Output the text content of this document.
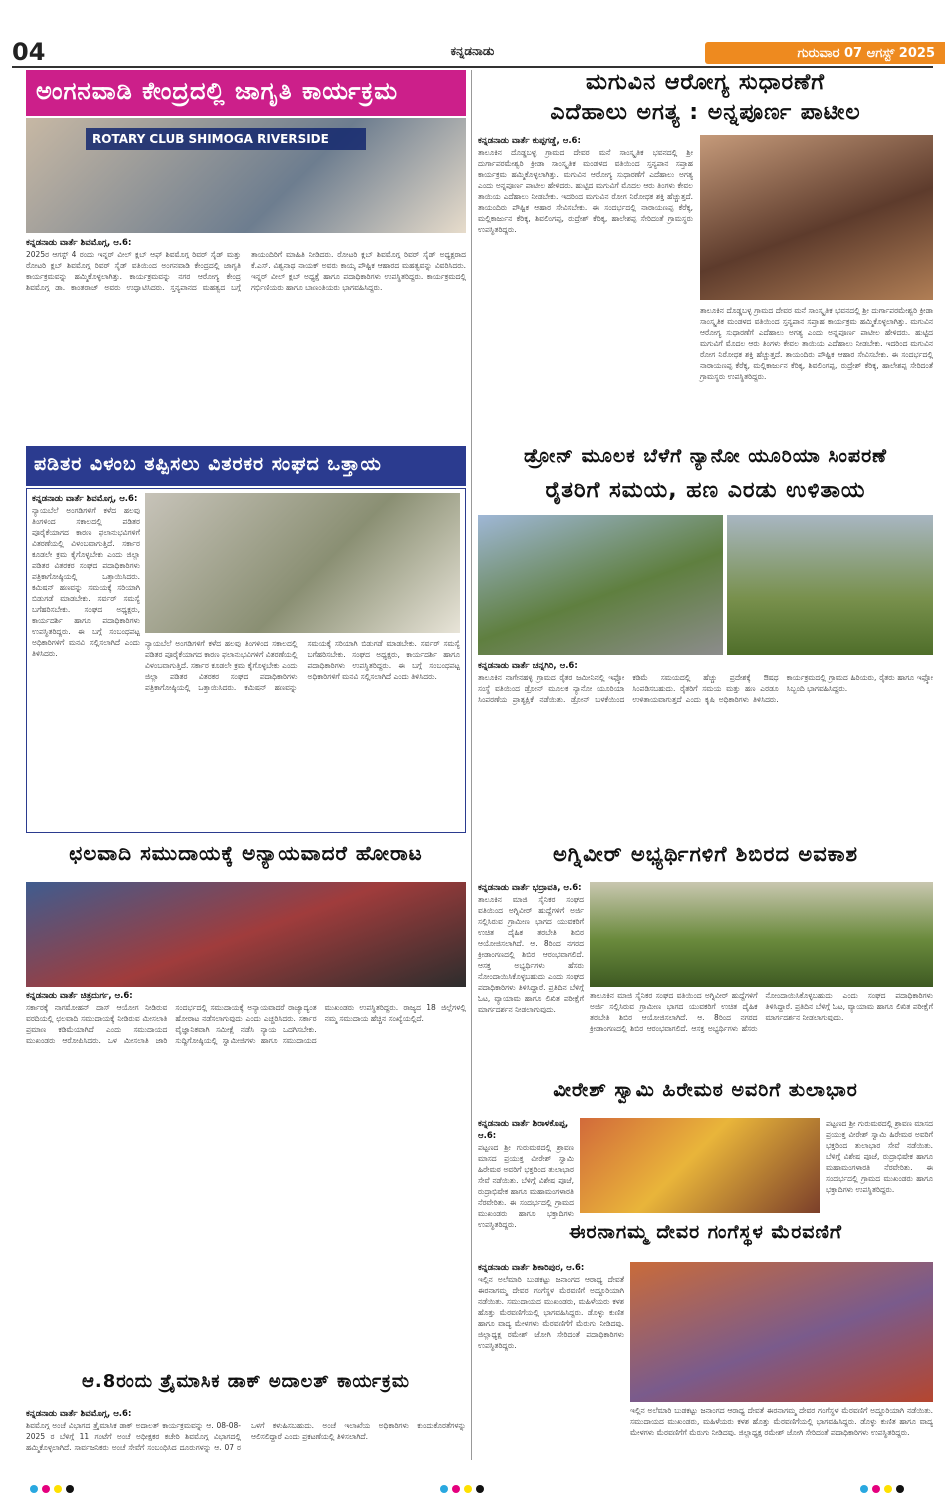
04	ಕನ್ನಡನಾಡು	ಗುರುವಾರ 07 ಆಗಸ್ಟ್ 2025
ಅಂಗನವಾಡಿ ಕೇಂದ್ರದಲ್ಲಿ ಜಾಗೃತಿ ಕಾರ್ಯಕ್ರಮ
ROTARY CLUB SHIMOGA RIVERSIDE
ಕನ್ನಡನಾಡು ವಾರ್ತೆ ಶಿವಮೊಗ್ಗ, ಆ.6:
2025ರ ಆಗಸ್ಟ್ 4 ರಂದು ಇನ್ನರ್ ವೀಲ್ ಕ್ಲಬ್ ಆಫ್ ಶಿವಮೊಗ್ಗ ರಿವರ್ ಸೈಡ್ ಮತ್ತು ರೋಟರಿ ಕ್ಲಬ್ ಶಿವಮೊಗ್ಗ ರಿವರ್ ಸೈಡ್ ವತಿಯಿಂದ ಅಂಗನವಾಡಿ ಕೇಂದ್ರದಲ್ಲಿ ಜಾಗೃತಿ ಕಾರ್ಯಕ್ರಮವನ್ನು ಹಮ್ಮಿಕೊಳ್ಳಲಾಗಿತ್ತು. ಕಾರ್ಯಕ್ರಮವನ್ನು ನಗರ ಆರೋಗ್ಯ ಕೇಂದ್ರ ಶಿವಮೊಗ್ಗ ಡಾ. ಕಾಂತರಾಜ್ ಅವರು ಉದ್ಘಾಟಿಸಿದರು. ಸ್ತನ್ಯಪಾನದ ಮಹತ್ವದ ಬಗ್ಗೆ ತಾಯಂದಿರಿಗೆ ಮಾಹಿತಿ ನೀಡಿದರು. ರೋಟರಿ ಕ್ಲಬ್ ಶಿವಮೊಗ್ಗ ರಿವರ್ ಸೈಡ್ ಅಧ್ಯಕ್ಷರಾದ ಕೆ.ಎಸ್. ವಿಶ್ವನಾಥ ನಾಯಕ್ ಅವರು ಕಾಯ್ಕ ಪೌಷ್ಟಿಕ ಆಹಾರದ ಮಹತ್ವವನ್ನು ವಿವರಿಸಿದರು. ಇನ್ನರ್ ವೀಲ್ ಕ್ಲಬ್ ಅಧ್ಯಕ್ಷೆ ಹಾಗೂ ಪದಾಧಿಕಾರಿಗಳು ಉಪಸ್ಥಿತರಿದ್ದರು. ಕಾರ್ಯಕ್ರಮದಲ್ಲಿ ಗರ್ಭಿಣಿಯರು ಹಾಗೂ ಬಾಣಂತಿಯರು ಭಾಗವಹಿಸಿದ್ದರು.
ಮಗುವಿನ ಆರೋಗ್ಯ ಸುಧಾರಣೆಗೆ
ಎದೆಹಾಲು ಅಗತ್ಯ : ಅನ್ನಪೂರ್ಣ ಪಾಟೀಲ
ಕನ್ನಡನಾಡು ವಾರ್ತೆ ಕುಪ್ಪಗಡ್ಡೆ, ಆ.6:
ತಾಲೂಕಿನ ದೊಡ್ಡಬಳ್ಳ ಗ್ರಾಮದ ದೇವರ ಮನೆ ಸಾಂಸ್ಕೃತಿಕ ಭವನದಲ್ಲಿ ಶ್ರೀ ದುರ್ಗಾಪರಮೇಶ್ವರಿ ಕ್ರೀಡಾ ಸಾಂಸ್ಕೃತಿಕ ಮಂಡಳದ ವತಿಯಿಂದ ಸ್ತನ್ಯಪಾನ ಸಪ್ತಾಹ ಕಾರ್ಯಕ್ರಮ ಹಮ್ಮಿಕೊಳ್ಳಲಾಗಿತ್ತು. ಮಗುವಿನ ಆರೋಗ್ಯ ಸುಧಾರಣೆಗೆ ಎದೆಹಾಲು ಅಗತ್ಯ ಎಂದು ಅನ್ನಪೂರ್ಣ ಪಾಟೀಲ ಹೇಳಿದರು. ಹುಟ್ಟಿದ ಮಗುವಿಗೆ ಮೊದಲ ಆರು ತಿಂಗಳು ಕೇವಲ ತಾಯಿಯ ಎದೆಹಾಲು ನೀಡಬೇಕು. ಇದರಿಂದ ಮಗುವಿನ ರೋಗ ನಿರೋಧಕ ಶಕ್ತಿ ಹೆಚ್ಚುತ್ತದೆ. ತಾಯಂದಿರು ಪೌಷ್ಟಿಕ ಆಹಾರ ಸೇವಿಸಬೇಕು. ಈ ಸಂದರ್ಭದಲ್ಲಿ ನಾರಾಯಣಪ್ಪ ಕೆರೆಕ್ಕ, ಮಲ್ಲಿಕಾರ್ಜುನ ಕೆರಿಕ್ಕ, ಶಿವಲಿಂಗಪ್ಪ, ರುದ್ರೇಶ್ ಕೆರಿಕ್ಕ, ಹಾಲೇಶಪ್ಪ ಸೇರಿದಂತೆ ಗ್ರಾಮಸ್ಥರು ಉಪಸ್ಥಿತರಿದ್ದರು.
ತಾಲೂಕಿನ ದೊಡ್ಡಬಳ್ಳ ಗ್ರಾಮದ ದೇವರ ಮನೆ ಸಾಂಸ್ಕೃತಿಕ ಭವನದಲ್ಲಿ ಶ್ರೀ ದುರ್ಗಾಪರಮೇಶ್ವರಿ ಕ್ರೀಡಾ ಸಾಂಸ್ಕೃತಿಕ ಮಂಡಳದ ವತಿಯಿಂದ ಸ್ತನ್ಯಪಾನ ಸಪ್ತಾಹ ಕಾರ್ಯಕ್ರಮ ಹಮ್ಮಿಕೊಳ್ಳಲಾಗಿತ್ತು. ಮಗುವಿನ ಆರೋಗ್ಯ ಸುಧಾರಣೆಗೆ ಎದೆಹಾಲು ಅಗತ್ಯ ಎಂದು ಅನ್ನಪೂರ್ಣ ಪಾಟೀಲ ಹೇಳಿದರು. ಹುಟ್ಟಿದ ಮಗುವಿಗೆ ಮೊದಲ ಆರು ತಿಂಗಳು ಕೇವಲ ತಾಯಿಯ ಎದೆಹಾಲು ನೀಡಬೇಕು. ಇದರಿಂದ ಮಗುವಿನ ರೋಗ ನಿರೋಧಕ ಶಕ್ತಿ ಹೆಚ್ಚುತ್ತದೆ. ತಾಯಂದಿರು ಪೌಷ್ಟಿಕ ಆಹಾರ ಸೇವಿಸಬೇಕು. ಈ ಸಂದರ್ಭದಲ್ಲಿ ನಾರಾಯಣಪ್ಪ ಕೆರೆಕ್ಕ, ಮಲ್ಲಿಕಾರ್ಜುನ ಕೆರಿಕ್ಕ, ಶಿವಲಿಂಗಪ್ಪ, ರುದ್ರೇಶ್ ಕೆರಿಕ್ಕ, ಹಾಲೇಶಪ್ಪ ಸೇರಿದಂತೆ ಗ್ರಾಮಸ್ಥರು ಉಪಸ್ಥಿತರಿದ್ದರು.
ಪಡಿತರ ವಿಳಂಬ ತಪ್ಪಿಸಲು ವಿತರಕರ ಸಂಘದ ಒತ್ತಾಯ
ಕನ್ನಡನಾಡು ವಾರ್ತೆ ಶಿವಮೊಗ್ಗ, ಆ.6:
ನ್ಯಾಯಬೆಲೆ ಅಂಗಡಿಗಳಿಗೆ ಕಳೆದ ಹಲವು ತಿಂಗಳಿಂದ ಸಕಾಲದಲ್ಲಿ ಪಡಿತರ ಪೂರೈಕೆಯಾಗದ ಕಾರಣ ಫಲಾನುಭವಿಗಳಿಗೆ ವಿತರಣೆಯಲ್ಲಿ ವಿಳಂಬವಾಗುತ್ತಿದೆ. ಸರ್ಕಾರ ಕೂಡಲೇ ಕ್ರಮ ಕೈಗೊಳ್ಳಬೇಕು ಎಂದು ಜಿಲ್ಲಾ ಪಡಿತರ ವಿತರಕರ ಸಂಘದ ಪದಾಧಿಕಾರಿಗಳು ಪತ್ರಿಕಾಗೋಷ್ಠಿಯಲ್ಲಿ ಒತ್ತಾಯಿಸಿದರು. ಕಮಿಷನ್ ಹಣವನ್ನು ಸಮಯಕ್ಕೆ ಸರಿಯಾಗಿ ಬಿಡುಗಡೆ ಮಾಡಬೇಕು. ಸರ್ವರ್ ಸಮಸ್ಯೆ ಬಗೆಹರಿಸಬೇಕು. ಸಂಘದ ಅಧ್ಯಕ್ಷರು, ಕಾರ್ಯದರ್ಶಿ ಹಾಗೂ ಪದಾಧಿಕಾರಿಗಳು ಉಪಸ್ಥಿತರಿದ್ದರು. ಈ ಬಗ್ಗೆ ಸಂಬಂಧಪಟ್ಟ ಅಧಿಕಾರಿಗಳಿಗೆ ಮನವಿ ಸಲ್ಲಿಸಲಾಗಿದೆ ಎಂದು ತಿಳಿಸಿದರು.
ನ್ಯಾಯಬೆಲೆ ಅಂಗಡಿಗಳಿಗೆ ಕಳೆದ ಹಲವು ತಿಂಗಳಿಂದ ಸಕಾಲದಲ್ಲಿ ಪಡಿತರ ಪೂರೈಕೆಯಾಗದ ಕಾರಣ ಫಲಾನುಭವಿಗಳಿಗೆ ವಿತರಣೆಯಲ್ಲಿ ವಿಳಂಬವಾಗುತ್ತಿದೆ. ಸರ್ಕಾರ ಕೂಡಲೇ ಕ್ರಮ ಕೈಗೊಳ್ಳಬೇಕು ಎಂದು ಜಿಲ್ಲಾ ಪಡಿತರ ವಿತರಕರ ಸಂಘದ ಪದಾಧಿಕಾರಿಗಳು ಪತ್ರಿಕಾಗೋಷ್ಠಿಯಲ್ಲಿ ಒತ್ತಾಯಿಸಿದರು. ಕಮಿಷನ್ ಹಣವನ್ನು ಸಮಯಕ್ಕೆ ಸರಿಯಾಗಿ ಬಿಡುಗಡೆ ಮಾಡಬೇಕು. ಸರ್ವರ್ ಸಮಸ್ಯೆ ಬಗೆಹರಿಸಬೇಕು. ಸಂಘದ ಅಧ್ಯಕ್ಷರು, ಕಾರ್ಯದರ್ಶಿ ಹಾಗೂ ಪದಾಧಿಕಾರಿಗಳು ಉಪಸ್ಥಿತರಿದ್ದರು. ಈ ಬಗ್ಗೆ ಸಂಬಂಧಪಟ್ಟ ಅಧಿಕಾರಿಗಳಿಗೆ ಮನವಿ ಸಲ್ಲಿಸಲಾಗಿದೆ ಎಂದು ತಿಳಿಸಿದರು.
ಡ್ರೋನ್ ಮೂಲಕ ಬೆಳೆಗೆ ನ್ಯಾನೋ ಯೂರಿಯಾ ಸಿಂಪರಣೆ
ರೈತರಿಗೆ ಸಮಯ, ಹಣ ಎರಡು ಉಳಿತಾಯ
ಕನ್ನಡನಾಡು ವಾರ್ತೆ ಚನ್ನಗಿರಿ, ಆ.6:
ತಾಲೂಕಿನ ನಾಗೇನಹಳ್ಳಿ ಗ್ರಾಮದ ರೈತರ ಜಮೀನಿನಲ್ಲಿ ಇಫ್ಕೋ ಸಂಸ್ಥೆ ವತಿಯಿಂದ ಡ್ರೋನ್ ಮೂಲಕ ನ್ಯಾನೋ ಯೂರಿಯಾ ಸಿಂಪರಣೆಯ ಪ್ರಾತ್ಯಕ್ಷಿಕೆ ನಡೆಯಿತು. ಡ್ರೋನ್ ಬಳಕೆಯಿಂದ ಕಡಿಮೆ ಸಮಯದಲ್ಲಿ ಹೆಚ್ಚು ಪ್ರದೇಶಕ್ಕೆ ಔಷಧ ಸಿಂಪಡಿಸಬಹುದು. ರೈತರಿಗೆ ಸಮಯ ಮತ್ತು ಹಣ ಎರಡೂ ಉಳಿತಾಯವಾಗುತ್ತದೆ ಎಂದು ಕೃಷಿ ಅಧಿಕಾರಿಗಳು ತಿಳಿಸಿದರು. ಕಾರ್ಯಕ್ರಮದಲ್ಲಿ ಗ್ರಾಮದ ಹಿರಿಯರು, ರೈತರು ಹಾಗೂ ಇಫ್ಕೋ ಸಿಬ್ಬಂದಿ ಭಾಗವಹಿಸಿದ್ದರು.
ಛಲವಾದಿ ಸಮುದಾಯಕ್ಕೆ ಅನ್ಯಾಯವಾದರೆ ಹೋರಾಟ
ಕನ್ನಡನಾಡು ವಾರ್ತೆ ಚಿತ್ರದುರ್ಗ, ಆ.6:
ಸರ್ಕಾರಕ್ಕೆ ನಾಗಮೋಹನ್ ದಾಸ್ ಆಯೋಗ ನೀಡಿರುವ ವರದಿಯಲ್ಲಿ ಛಲವಾದಿ ಸಮುದಾಯಕ್ಕೆ ನೀಡಿರುವ ಮೀಸಲಾತಿ ಪ್ರಮಾಣ ಕಡಿಮೆಯಾಗಿದೆ ಎಂದು ಸಮುದಾಯದ ಮುಖಂಡರು ಆರೋಪಿಸಿದರು. ಒಳ ಮೀಸಲಾತಿ ಜಾರಿ ಸಂದರ್ಭದಲ್ಲಿ ಸಮುದಾಯಕ್ಕೆ ಅನ್ಯಾಯವಾದರೆ ರಾಜ್ಯಾದ್ಯಂತ ಹೋರಾಟ ನಡೆಸಲಾಗುವುದು ಎಂದು ಎಚ್ಚರಿಸಿದರು. ಸರ್ಕಾರ ವೈಜ್ಞಾನಿಕವಾಗಿ ಸಮೀಕ್ಷೆ ನಡೆಸಿ ನ್ಯಾಯ ಒದಗಿಸಬೇಕು. ಸುದ್ದಿಗೋಷ್ಠಿಯಲ್ಲಿ ಸ್ವಾಮೀಜಿಗಳು ಹಾಗೂ ಸಮುದಾಯದ ಮುಖಂಡರು ಉಪಸ್ಥಿತರಿದ್ದರು. ರಾಜ್ಯದ 18 ಜಿಲ್ಲೆಗಳಲ್ಲಿ ನಮ್ಮ ಸಮುದಾಯ ಹೆಚ್ಚಿನ ಸಂಖ್ಯೆಯಲ್ಲಿದೆ.
ಅಗ್ನಿವೀರ್ ಅಭ್ಯರ್ಥಿಗಳಿಗೆ ಶಿಬಿರದ ಅವಕಾಶ
ಕನ್ನಡನಾಡು ವಾರ್ತೆ ಭದ್ರಾವತಿ, ಆ.6:
ತಾಲೂಕಿನ ಮಾಜಿ ಸೈನಿಕರ ಸಂಘದ ವತಿಯಿಂದ ಅಗ್ನಿವೀರ್ ಹುದ್ದೆಗಳಿಗೆ ಅರ್ಜಿ ಸಲ್ಲಿಸಿರುವ ಗ್ರಾಮೀಣ ಭಾಗದ ಯುವಕರಿಗೆ ಉಚಿತ ದೈಹಿಕ ತರಬೇತಿ ಶಿಬಿರ ಆಯೋಜಿಸಲಾಗಿದೆ. ಆ. 8ರಿಂದ ನಗರದ ಕ್ರೀಡಾಂಗಣದಲ್ಲಿ ಶಿಬಿರ ಆರಂಭವಾಗಲಿದೆ. ಆಸಕ್ತ ಅಭ್ಯರ್ಥಿಗಳು ಹೆಸರು ನೋಂದಾಯಿಸಿಕೊಳ್ಳಬಹುದು ಎಂದು ಸಂಘದ ಪದಾಧಿಕಾರಿಗಳು ತಿಳಿಸಿದ್ದಾರೆ. ಪ್ರತಿದಿನ ಬೆಳಿಗ್ಗೆ ಓಟ, ವ್ಯಾಯಾಮ ಹಾಗೂ ಲಿಖಿತ ಪರೀಕ್ಷೆಗೆ ಮಾರ್ಗದರ್ಶನ ನೀಡಲಾಗುವುದು.
ತಾಲೂಕಿನ ಮಾಜಿ ಸೈನಿಕರ ಸಂಘದ ವತಿಯಿಂದ ಅಗ್ನಿವೀರ್ ಹುದ್ದೆಗಳಿಗೆ ಅರ್ಜಿ ಸಲ್ಲಿಸಿರುವ ಗ್ರಾಮೀಣ ಭಾಗದ ಯುವಕರಿಗೆ ಉಚಿತ ದೈಹಿಕ ತರಬೇತಿ ಶಿಬಿರ ಆಯೋಜಿಸಲಾಗಿದೆ. ಆ. 8ರಿಂದ ನಗರದ ಕ್ರೀಡಾಂಗಣದಲ್ಲಿ ಶಿಬಿರ ಆರಂಭವಾಗಲಿದೆ. ಆಸಕ್ತ ಅಭ್ಯರ್ಥಿಗಳು ಹೆಸರು ನೋಂದಾಯಿಸಿಕೊಳ್ಳಬಹುದು ಎಂದು ಸಂಘದ ಪದಾಧಿಕಾರಿಗಳು ತಿಳಿಸಿದ್ದಾರೆ. ಪ್ರತಿದಿನ ಬೆಳಿಗ್ಗೆ ಓಟ, ವ್ಯಾಯಾಮ ಹಾಗೂ ಲಿಖಿತ ಪರೀಕ್ಷೆಗೆ ಮಾರ್ಗದರ್ಶನ ನೀಡಲಾಗುವುದು.
ವೀರೇಶ್ ಸ್ವಾಮಿ ಹಿರೇಮಠ ಅವರಿಗೆ ತುಲಾಭಾರ
ಕನ್ನಡನಾಡು ವಾರ್ತೆ ಶಿರಾಳಕೊಪ್ಪ, ಆ.6:
ಪಟ್ಟಣದ ಶ್ರೀ ಗುರುಮಠದಲ್ಲಿ ಶ್ರಾವಣ ಮಾಸದ ಪ್ರಯುಕ್ತ ವೀರೇಶ್ ಸ್ವಾಮಿ ಹಿರೇಮಠ ಅವರಿಗೆ ಭಕ್ತರಿಂದ ತುಲಾಭಾರ ಸೇವೆ ನಡೆಯಿತು. ಬೆಳಿಗ್ಗೆ ವಿಶೇಷ ಪೂಜೆ, ರುದ್ರಾಭಿಷೇಕ ಹಾಗೂ ಮಹಾಮಂಗಳಾರತಿ ನೆರವೇರಿತು. ಈ ಸಂದರ್ಭದಲ್ಲಿ ಗ್ರಾಮದ ಮುಖಂಡರು ಹಾಗೂ ಭಕ್ತಾದಿಗಳು ಉಪಸ್ಥಿತರಿದ್ದರು.
ಪಟ್ಟಣದ ಶ್ರೀ ಗುರುಮಠದಲ್ಲಿ ಶ್ರಾವಣ ಮಾಸದ ಪ್ರಯುಕ್ತ ವೀರೇಶ್ ಸ್ವಾಮಿ ಹಿರೇಮಠ ಅವರಿಗೆ ಭಕ್ತರಿಂದ ತುಲಾಭಾರ ಸೇವೆ ನಡೆಯಿತು. ಬೆಳಿಗ್ಗೆ ವಿಶೇಷ ಪೂಜೆ, ರುದ್ರಾಭಿಷೇಕ ಹಾಗೂ ಮಹಾಮಂಗಳಾರತಿ ನೆರವೇರಿತು. ಈ ಸಂದರ್ಭದಲ್ಲಿ ಗ್ರಾಮದ ಮುಖಂಡರು ಹಾಗೂ ಭಕ್ತಾದಿಗಳು ಉಪಸ್ಥಿತರಿದ್ದರು.
ಈರನಾಗಮ್ಮ ದೇವರ ಗಂಗೆಸ್ಥಳ ಮೆರವಣಿಗೆ
ಕನ್ನಡನಾಡು ವಾರ್ತೆ ಶಿಕಾರಿಪುರ, ಆ.6:
ಇಲ್ಲಿನ ಅಲೆಮಾರಿ ಬುಡಕಟ್ಟು ಜನಾಂಗದ ಆರಾಧ್ಯ ದೇವತೆ ಈರನಾಗಮ್ಮ ದೇವರ ಗಂಗೆಸ್ಥಳ ಮೆರವಣಿಗೆ ಅದ್ದೂರಿಯಾಗಿ ನಡೆಯಿತು. ಸಮುದಾಯದ ಮುಖಂಡರು, ಮಹಿಳೆಯರು ಕಳಶ ಹೊತ್ತು ಮೆರವಣಿಗೆಯಲ್ಲಿ ಭಾಗವಹಿಸಿದ್ದರು. ಡೊಳ್ಳು ಕುಣಿತ ಹಾಗೂ ವಾದ್ಯ ಮೇಳಗಳು ಮೆರವಣಿಗೆಗೆ ಮೆರುಗು ನೀಡಿದವು. ಜಿಲ್ಲಾಧ್ಯಕ್ಷ ರಮೇಶ್ ಜೋಗಿ ಸೇರಿದಂತೆ ಪದಾಧಿಕಾರಿಗಳು ಉಪಸ್ಥಿತರಿದ್ದರು.
ಇಲ್ಲಿನ ಅಲೆಮಾರಿ ಬುಡಕಟ್ಟು ಜನಾಂಗದ ಆರಾಧ್ಯ ದೇವತೆ ಈರನಾಗಮ್ಮ ದೇವರ ಗಂಗೆಸ್ಥಳ ಮೆರವಣಿಗೆ ಅದ್ದೂರಿಯಾಗಿ ನಡೆಯಿತು. ಸಮುದಾಯದ ಮುಖಂಡರು, ಮಹಿಳೆಯರು ಕಳಶ ಹೊತ್ತು ಮೆರವಣಿಗೆಯಲ್ಲಿ ಭಾಗವಹಿಸಿದ್ದರು. ಡೊಳ್ಳು ಕುಣಿತ ಹಾಗೂ ವಾದ್ಯ ಮೇಳಗಳು ಮೆರವಣಿಗೆಗೆ ಮೆರುಗು ನೀಡಿದವು. ಜಿಲ್ಲಾಧ್ಯಕ್ಷ ರಮೇಶ್ ಜೋಗಿ ಸೇರಿದಂತೆ ಪದಾಧಿಕಾರಿಗಳು ಉಪಸ್ಥಿತರಿದ್ದರು.
ಆ.8ರಂದು ತ್ರೈಮಾಸಿಕ ಡಾಕ್ ಅದಾಲತ್ ಕಾರ್ಯಕ್ರಮ
ಕನ್ನಡನಾಡು ವಾರ್ತೆ ಶಿವಮೊಗ್ಗ, ಆ.6:
ಶಿವಮೊಗ್ಗ ಅಂಚೆ ವಿಭಾಗದ ತ್ರೈಮಾಸಿಕ ಡಾಕ್ ಅದಾಲತ್ ಕಾರ್ಯಕ್ರಮವನ್ನು ಆ. 08-08-2025 ರ ಬೆಳಿಗ್ಗೆ 11 ಗಂಟೆಗೆ ಅಂಚೆ ಅಧೀಕ್ಷಕರ ಕಚೇರಿ ಶಿವಮೊಗ್ಗ ವಿಭಾಗದಲ್ಲಿ ಹಮ್ಮಿಕೊಳ್ಳಲಾಗಿದೆ. ಸಾರ್ವಜನಿಕರು ಅಂಚೆ ಸೇವೆಗೆ ಸಂಬಂಧಿಸಿದ ದೂರುಗಳನ್ನು ಆ. 07 ರ ಒಳಗೆ ಕಳುಹಿಸಬಹುದು. ಅಂಚೆ ಇಲಾಖೆಯ ಅಧಿಕಾರಿಗಳು ಕುಂದುಕೊರತೆಗಳನ್ನು ಆಲಿಸಲಿದ್ದಾರೆ ಎಂದು ಪ್ರಕಟಣೆಯಲ್ಲಿ ತಿಳಿಸಲಾಗಿದೆ.
